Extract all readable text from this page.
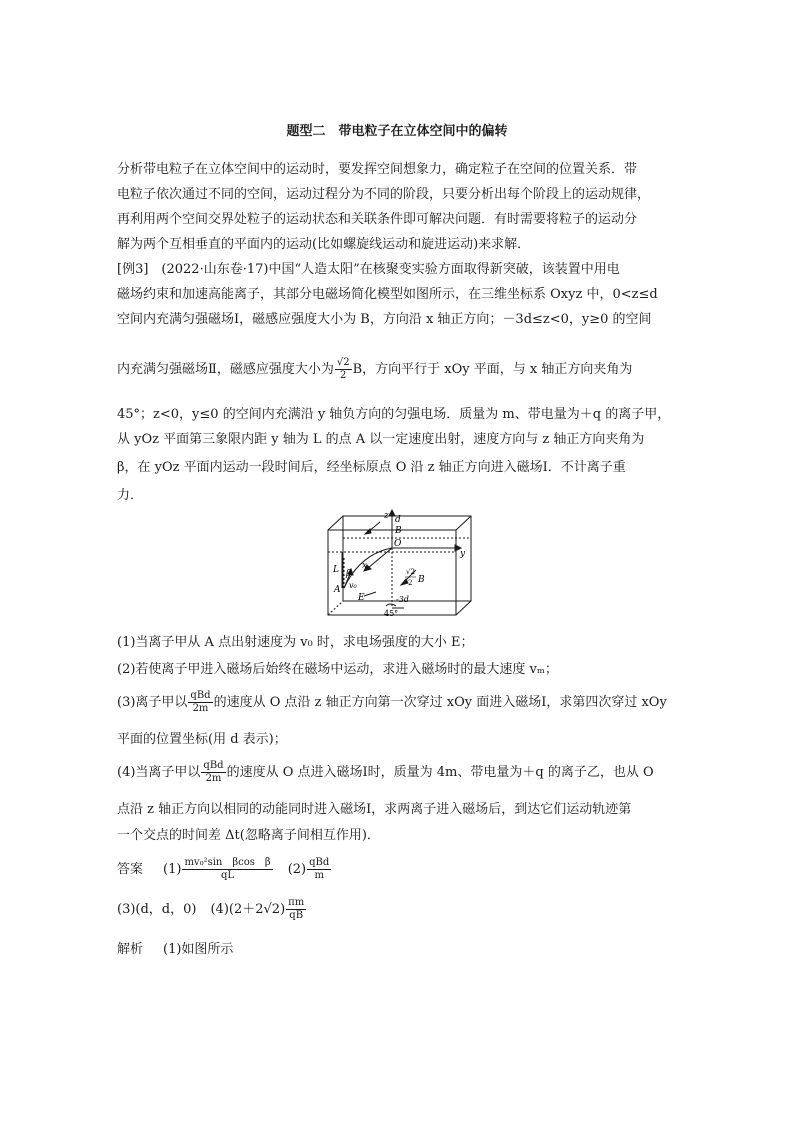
题型二　带电粒子在立体空间中的偏转
分析带电粒子在立体空间中的运动时，要发挥空间想象力，确定粒子在空间的位置关系．带
电粒子依次通过不同的空间，运动过程分为不同的阶段，只要分析出每个阶段上的运动规律，
再利用两个空间交界处粒子的运动状态和关联条件即可解决问题．有时需要将粒子的运动分
解为两个互相垂直的平面内的运动(比如螺旋线运动和旋进运动)来求解．
[例3]　(2022·山东卷·17)中国“人造太阳”在核聚变实验方面取得新突破，该装置中用电
磁场约束和加速高能离子，其部分电磁场简化模型如图所示，在三维坐标系 Oxyz 中，0<z≤d
空间内充满匀强磁场Ⅰ，磁感应强度大小为 B，方向沿 x 轴正方向；－3d≤z<0，y≥0 的空间
内充满匀强磁场Ⅱ，磁感应强度大小为 $\frac{√2}{2}$ B，方向平行于 xOy 平面，与 x 轴正方向夹角为
45°；z<0，y≤0 的空间内充满沿 y 轴负方向的匀强电场．质量为 m、带电量为＋q 的离子甲，
从 yOz 平面第三象限内距 y 轴为 L 的点 A 以一定速度出射，速度方向与 z 轴正方向夹角为
β，在 yOz 平面内运动一段时间后，经坐标原点 O 沿 z 轴正方向进入磁场Ⅰ．不计离子重
力．
z d
B
O
y
x
L β
v₀
A
E
√2
2 B
-3d
45°
(1)当离子甲从 A 点出射速度为 v₀ 时，求电场强度的大小 E；
(2)若使离子甲进入磁场后始终在磁场中运动，求进入磁场时的最大速度 vₘ；
(3)离子甲以 $\frac{\text{qBd}}{2m}$ 的速度从 O 点沿 z 轴正方向第一次穿过 xOy 面进入磁场Ⅰ，求第四次穿过 xOy
平面的位置坐标(用 d 表示)；
(4)当离子甲以 $\frac{\text{qBd}}{2m}$ 的速度从 O 点进入磁场Ⅰ时，质量为 4m、带电量为＋q 的离子乙，也从 O
点沿 z 轴正方向以相同的动能同时进入磁场Ⅰ，求两离子进入磁场后，到达它们运动轨迹第
一个交点的时间差 Δt(忽略离子间相互作用)．
答案 $(1) \frac{\text{mv₀²sin　βcos　β}}{qL} (2) \frac{\text{qBd}}{m}$
(3)(d，d，0) $(4)(2+2√2) \frac{\pi m}{qB}$
解析 (1)如图所示
